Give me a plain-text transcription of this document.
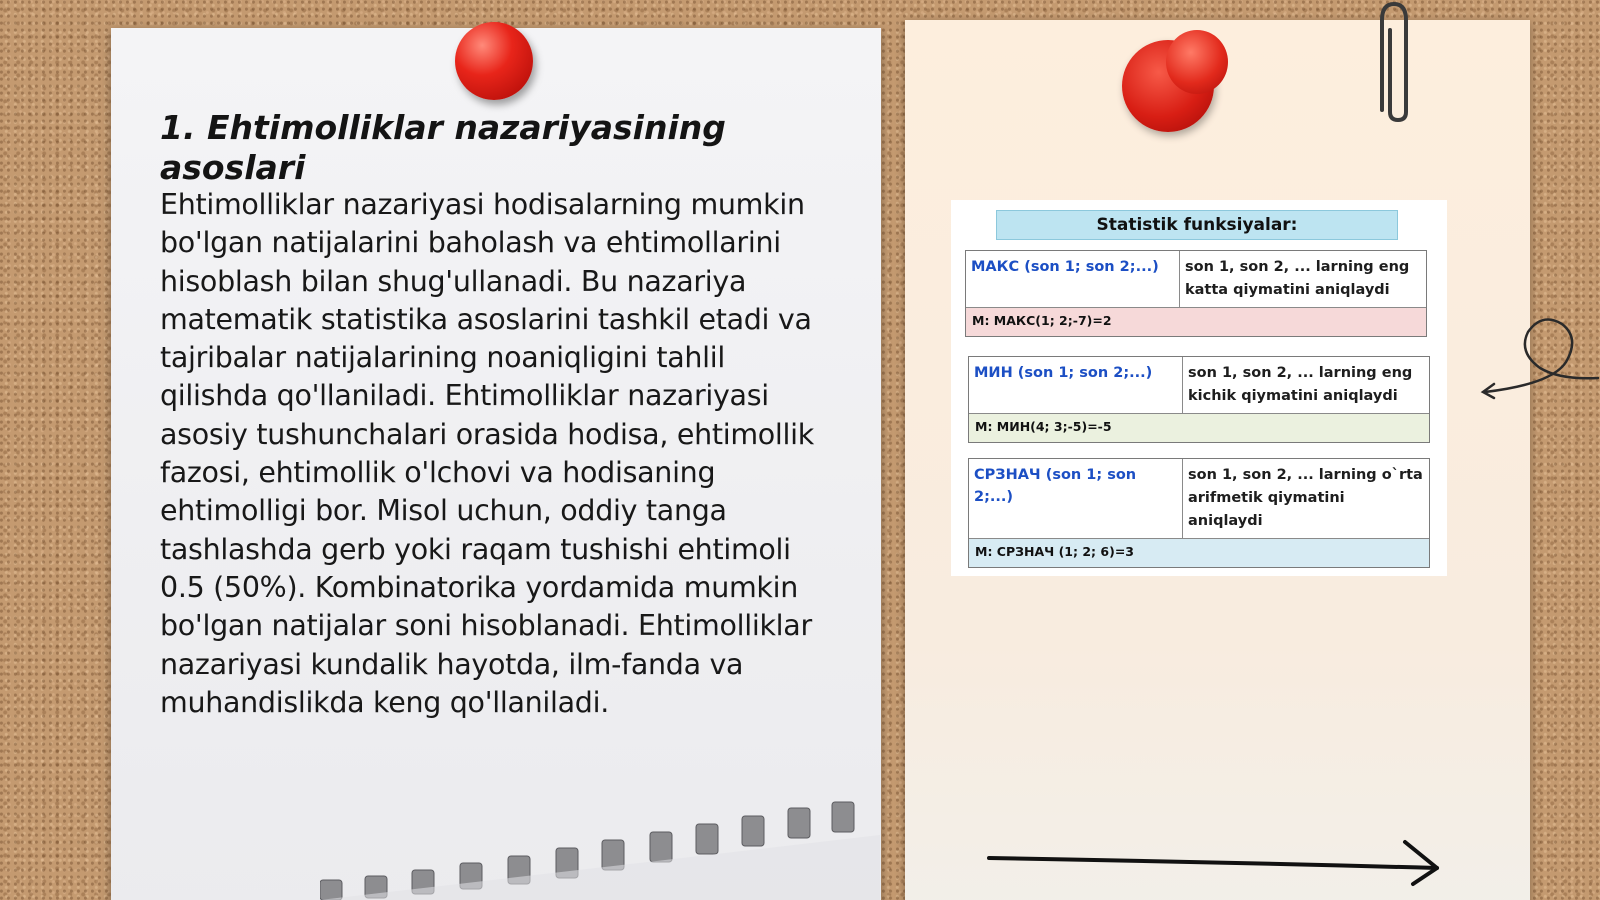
1. Ehtimolliklar nazariyasining asoslari

Ehtimolliklar nazariyasi hodisalarning mumkin bo'lgan natijalarini baholash va ehtimollarini hisoblash bilan shug'ullanadi. Bu nazariya matematik statistika asoslarini tashkil etadi va tajribalar natijalarining noaniqligini tahlil qilishda qo'llaniladi. Ehtimolliklar nazariyasi asosiy tushunchalari orasida hodisa, ehtimollik fazosi, ehtimollik o'lchovi va hodisaning ehtimolligi bor. Misol uchun, oddiy tanga tashlashda gerb yoki raqam tushishi ehtimoli 0.5 (50%). Kombinatorika yordamida mumkin bo'lgan natijalar soni hisoblanadi. Ehtimolliklar nazariyasi kundalik hayotda, ilm-fanda va muhandislikda keng qo'llaniladi.

Statistik funksiyalar:
МАКС (son 1; son 2;...)	son 1, son 2, ... larning eng katta qiymatini aniqlaydi
M: МАКС(1; 2;-7)=2
МИН (son 1; son 2;...)	son 1, son 2, ... larning eng kichik qiymatini aniqlaydi
M: МИН(4; 3;-5)=-5
СРЗНАЧ (son 1; son 2;...)
son 1, son 2, ... larning o`rta arifmetik qiymatini aniqlaydi
M: СРЗНАЧ (1; 2; 6)=3
